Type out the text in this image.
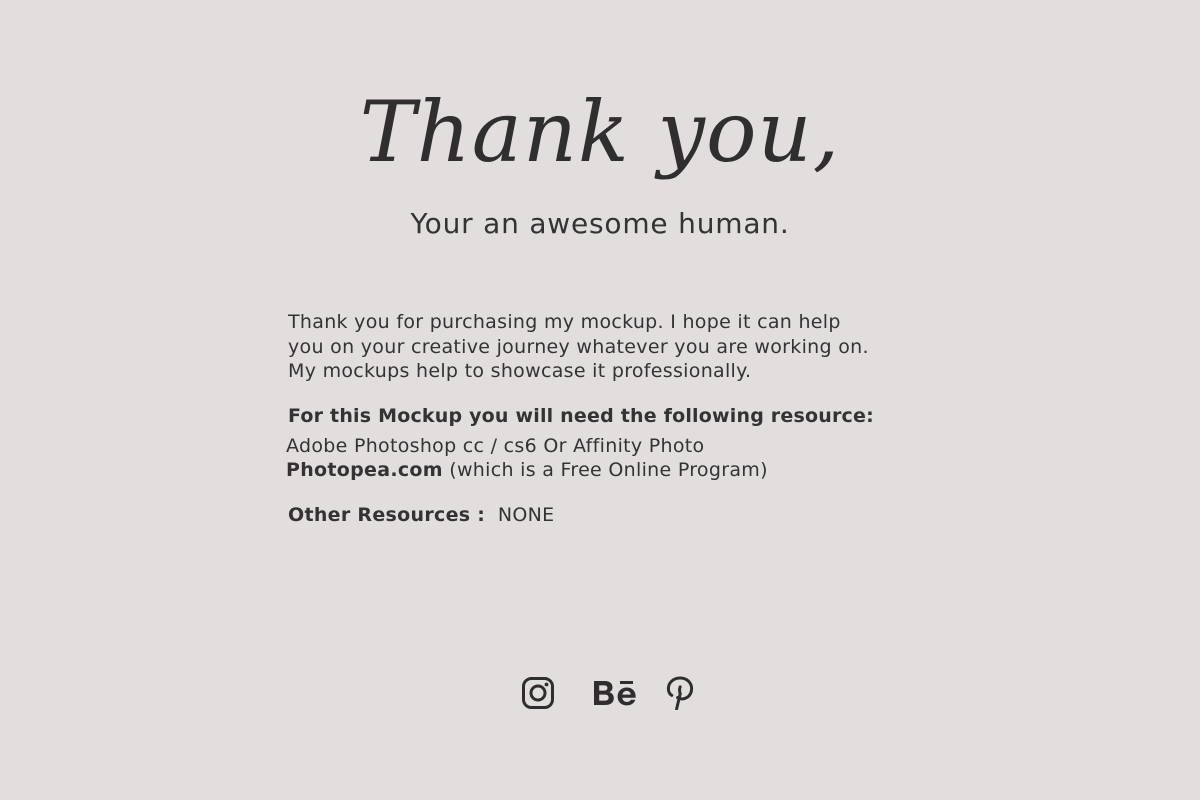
Thank you,
Your an awesome human.

Thank you for purchasing my mockup. I hope it can help
you on your creative journey whatever you are working on.
My mockups help to showcase it professionally.

For this Mockup you will need the following resource:

Adobe Photoshop cc / cs6 Or Affinity Photo
Photopea.com (which is a Free Online Program)

Other Resources : NONE
